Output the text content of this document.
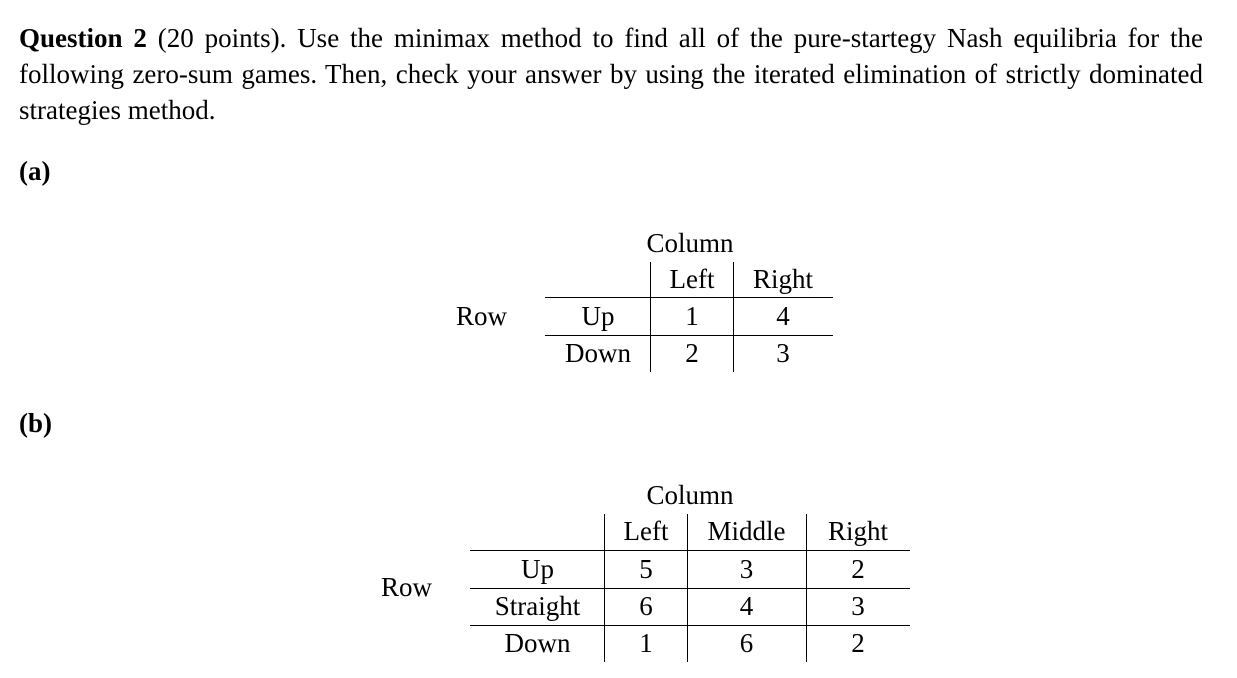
Question 2 (20 points). Use the minimax method to find all of the pure-startegy Nash equilibria for the following zero-sum games. Then, check your answer by using the iterated elimination of strictly dominated strategies method.
(a)
Column
Row
Left	Right
Up	1	4
Down	2	3
(b)
Column
Row
Left	Middle	Right
Up	5	3	2
Straight	6	4	3
Down	1	6	2
